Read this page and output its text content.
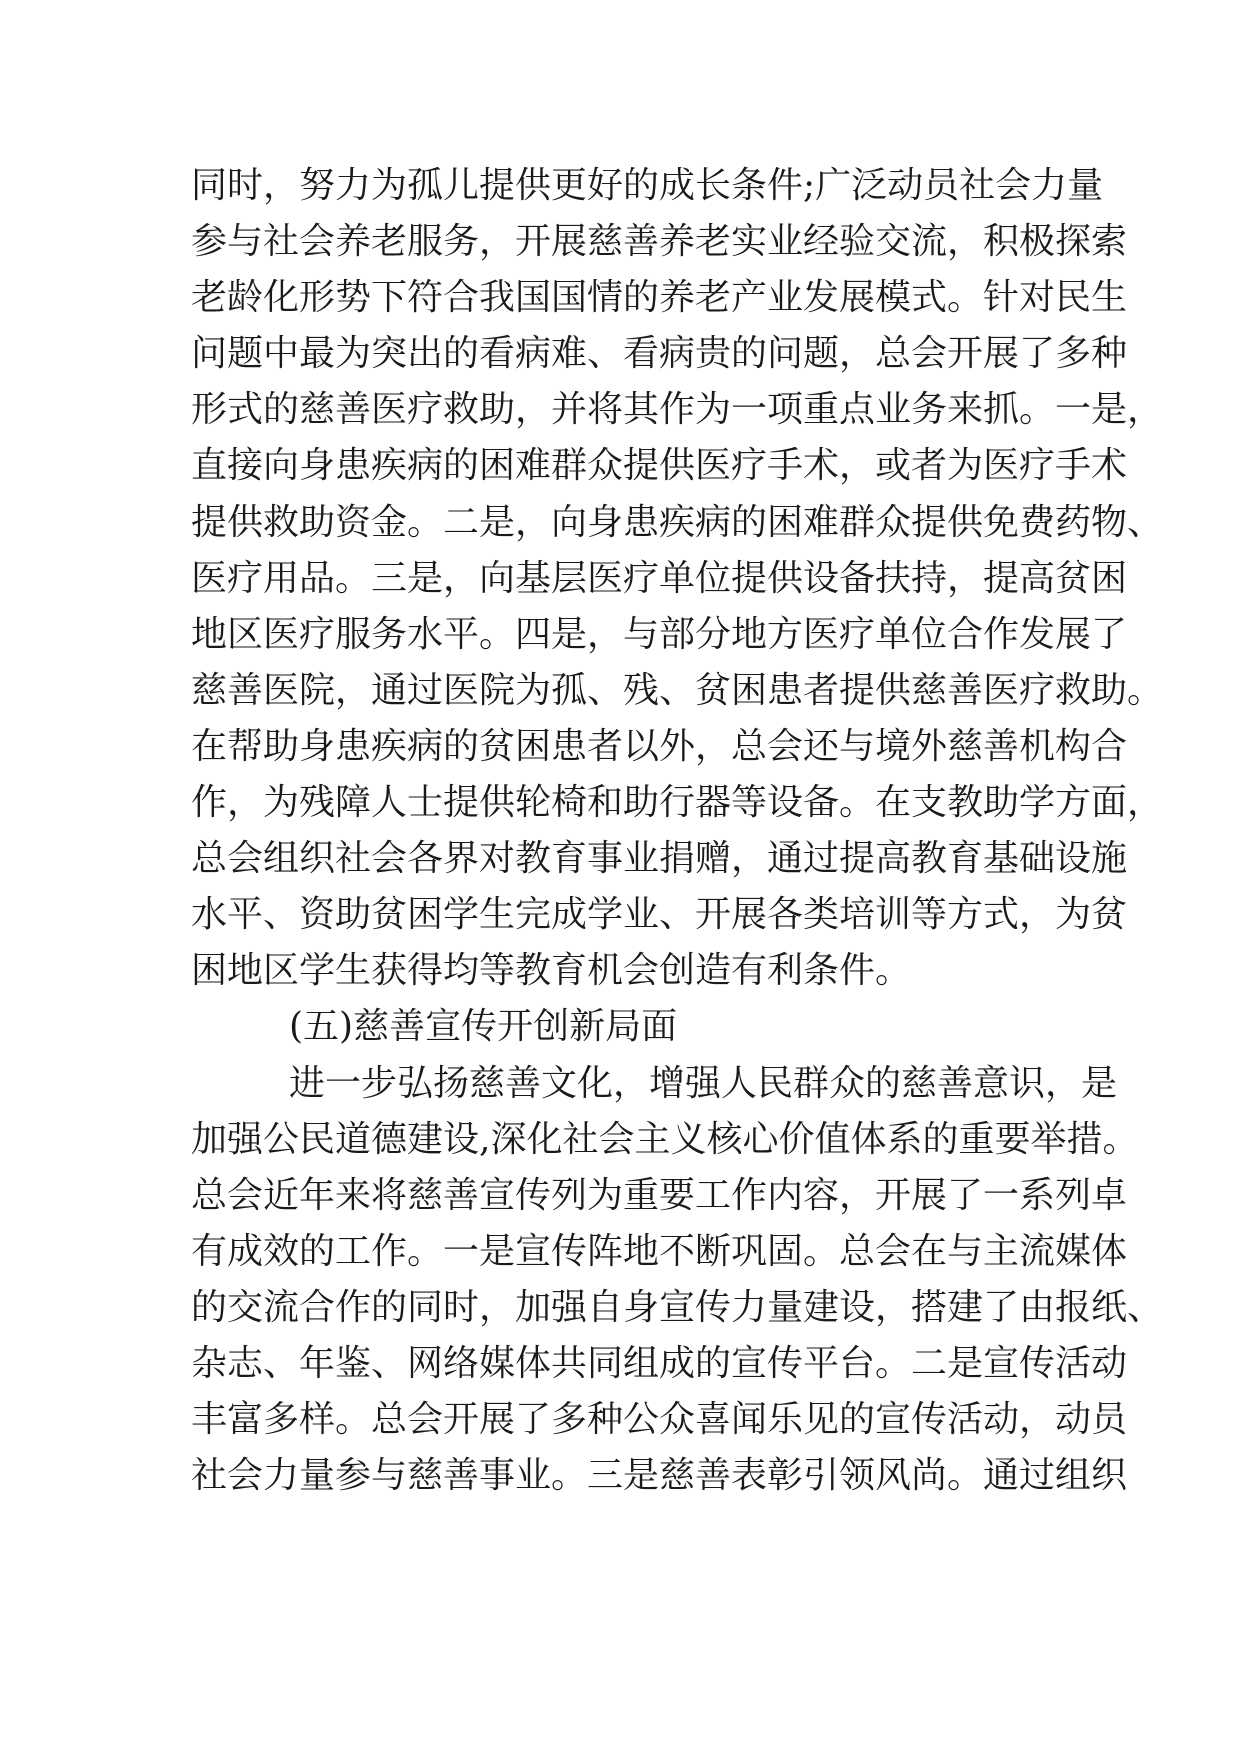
同时，努力为孤儿提供更好的成长条件;广泛动员社会力量
参与社会养老服务，开展慈善养老实业经验交流，积极探索
老龄化形势下符合我国国情的养老产业发展模式。针对民生
问题中最为突出的看病难、看病贵的问题，总会开展了多种
形式的慈善医疗救助，并将其作为一项重点业务来抓。一是，
直接向身患疾病的困难群众提供医疗手术，或者为医疗手术
提供救助资金。二是，向身患疾病的困难群众提供免费药物、
医疗用品。三是，向基层医疗单位提供设备扶持，提高贫困
地区医疗服务水平。四是，与部分地方医疗单位合作发展了
慈善医院，通过医院为孤、残、贫困患者提供慈善医疗救助。
在帮助身患疾病的贫困患者以外，总会还与境外慈善机构合
作，为残障人士提供轮椅和助行器等设备。在支教助学方面，
总会组织社会各界对教育事业捐赠，通过提高教育基础设施
水平、资助贫困学生完成学业、开展各类培训等方式，为贫
困地区学生获得均等教育机会创造有利条件。
(五)慈善宣传开创新局面
进一步弘扬慈善文化，增强人民群众的慈善意识，是
加强公民道德建设,深化社会主义核心价值体系的重要举措。
总会近年来将慈善宣传列为重要工作内容，开展了一系列卓
有成效的工作。一是宣传阵地不断巩固。总会在与主流媒体
的交流合作的同时，加强自身宣传力量建设，搭建了由报纸、
杂志、年鉴、网络媒体共同组成的宣传平台。二是宣传活动
丰富多样。总会开展了多种公众喜闻乐见的宣传活动，动员
社会力量参与慈善事业。三是慈善表彰引领风尚。通过组织
